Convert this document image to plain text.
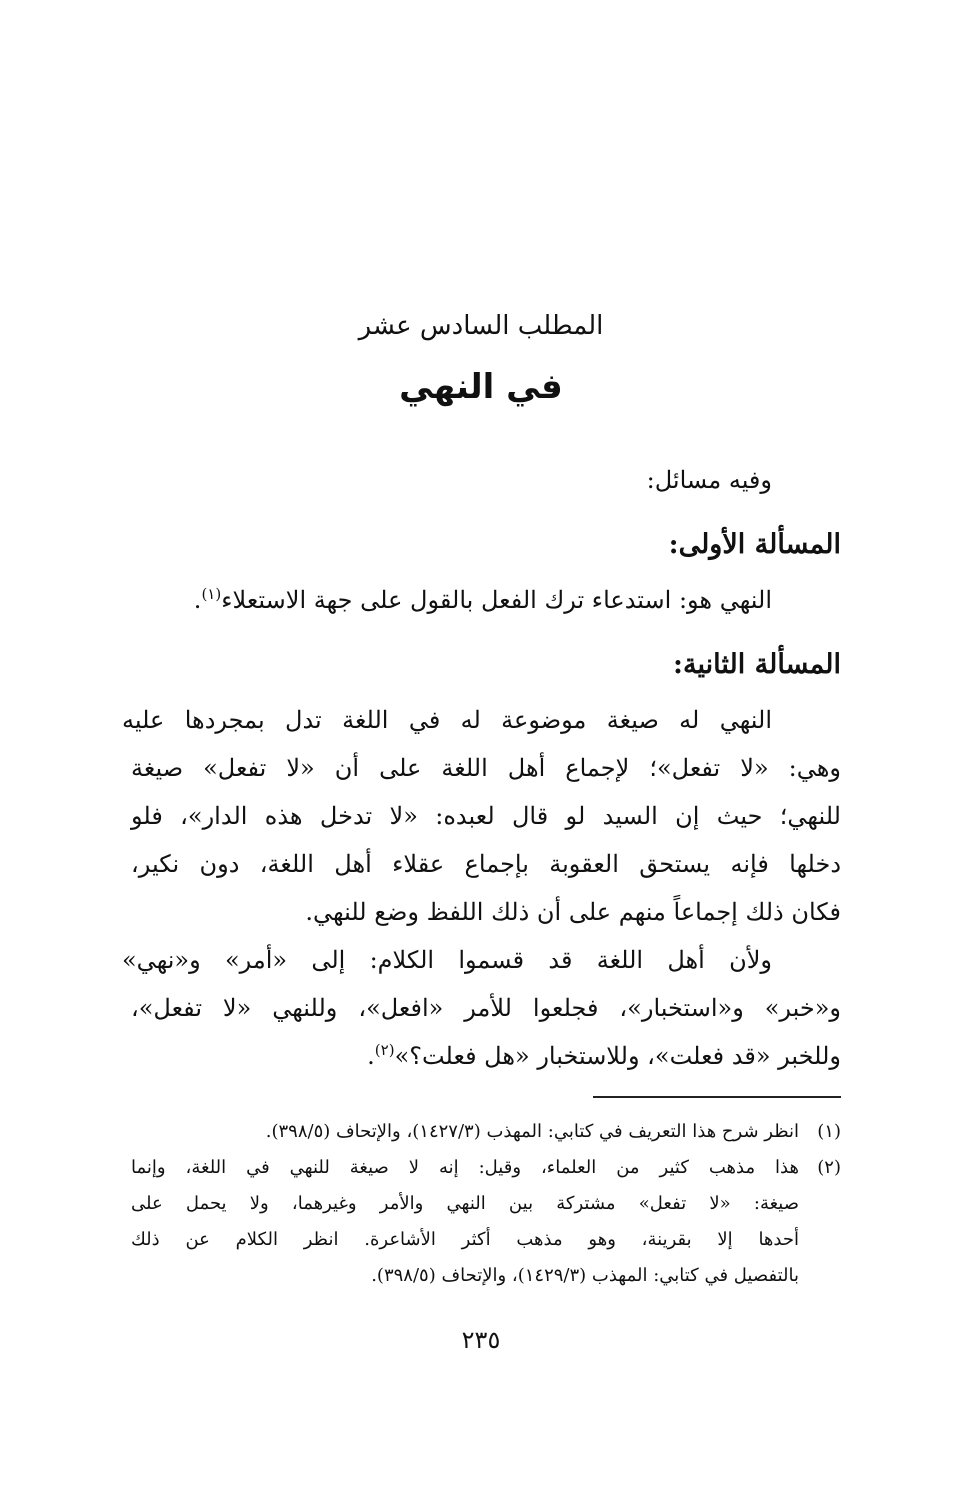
المطلب السادس عشر
في النهي
وفيه مسائل:
المسألة الأولى:
النهي هو: استدعاء ترك الفعل بالقول على جهة الاستعلاء$^{(١)}$.
المسألة الثانية:
النهي له صيغة موضوعة له في اللغة تدل بمجردها عليه
وهي: «لا تفعل»؛ لإجماع أهل اللغة على أن «لا تفعل» صيغة
للنهي؛ حيث إن السيد لو قال لعبده: «لا تدخل هذه الدار»، فلو
دخلها فإنه يستحق العقوبة بإجماع عقلاء أهل اللغة، دون نكير،
فكان ذلك إجماعاً منهم على أن ذلك اللفظ وضع للنهي.
ولأن أهل اللغة قد قسموا الكلام: إلى «أمر» و«نهي»
و«خبر» و«استخبار»، فجلعوا للأمر «افعل»، وللنهي «لا تفعل»،
وللخبر «قد فعلت»، وللاستخبار «هل فعلت؟»$^{(٢)}$.
(١)
انظر شرح هذا التعريف في كتابي: المهذب (١٤٢٧/٣)، والإتحاف (٣٩٨/٥).
(٢)
هذا مذهب كثير من العلماء، وقيل: إنه لا صيغة للنهي في اللغة، وإنما
صيغة: «لا تفعل» مشتركة بين النهي والأمر وغيرهما، ولا يحمل على
أحدها إلا بقرينة، وهو مذهب أكثر الأشاعرة. انظر الكلام عن ذلك
بالتفصيل في كتابي: المهذب (١٤٢٩/٣)، والإتحاف (٣٩٨/٥).
٢٣٥
